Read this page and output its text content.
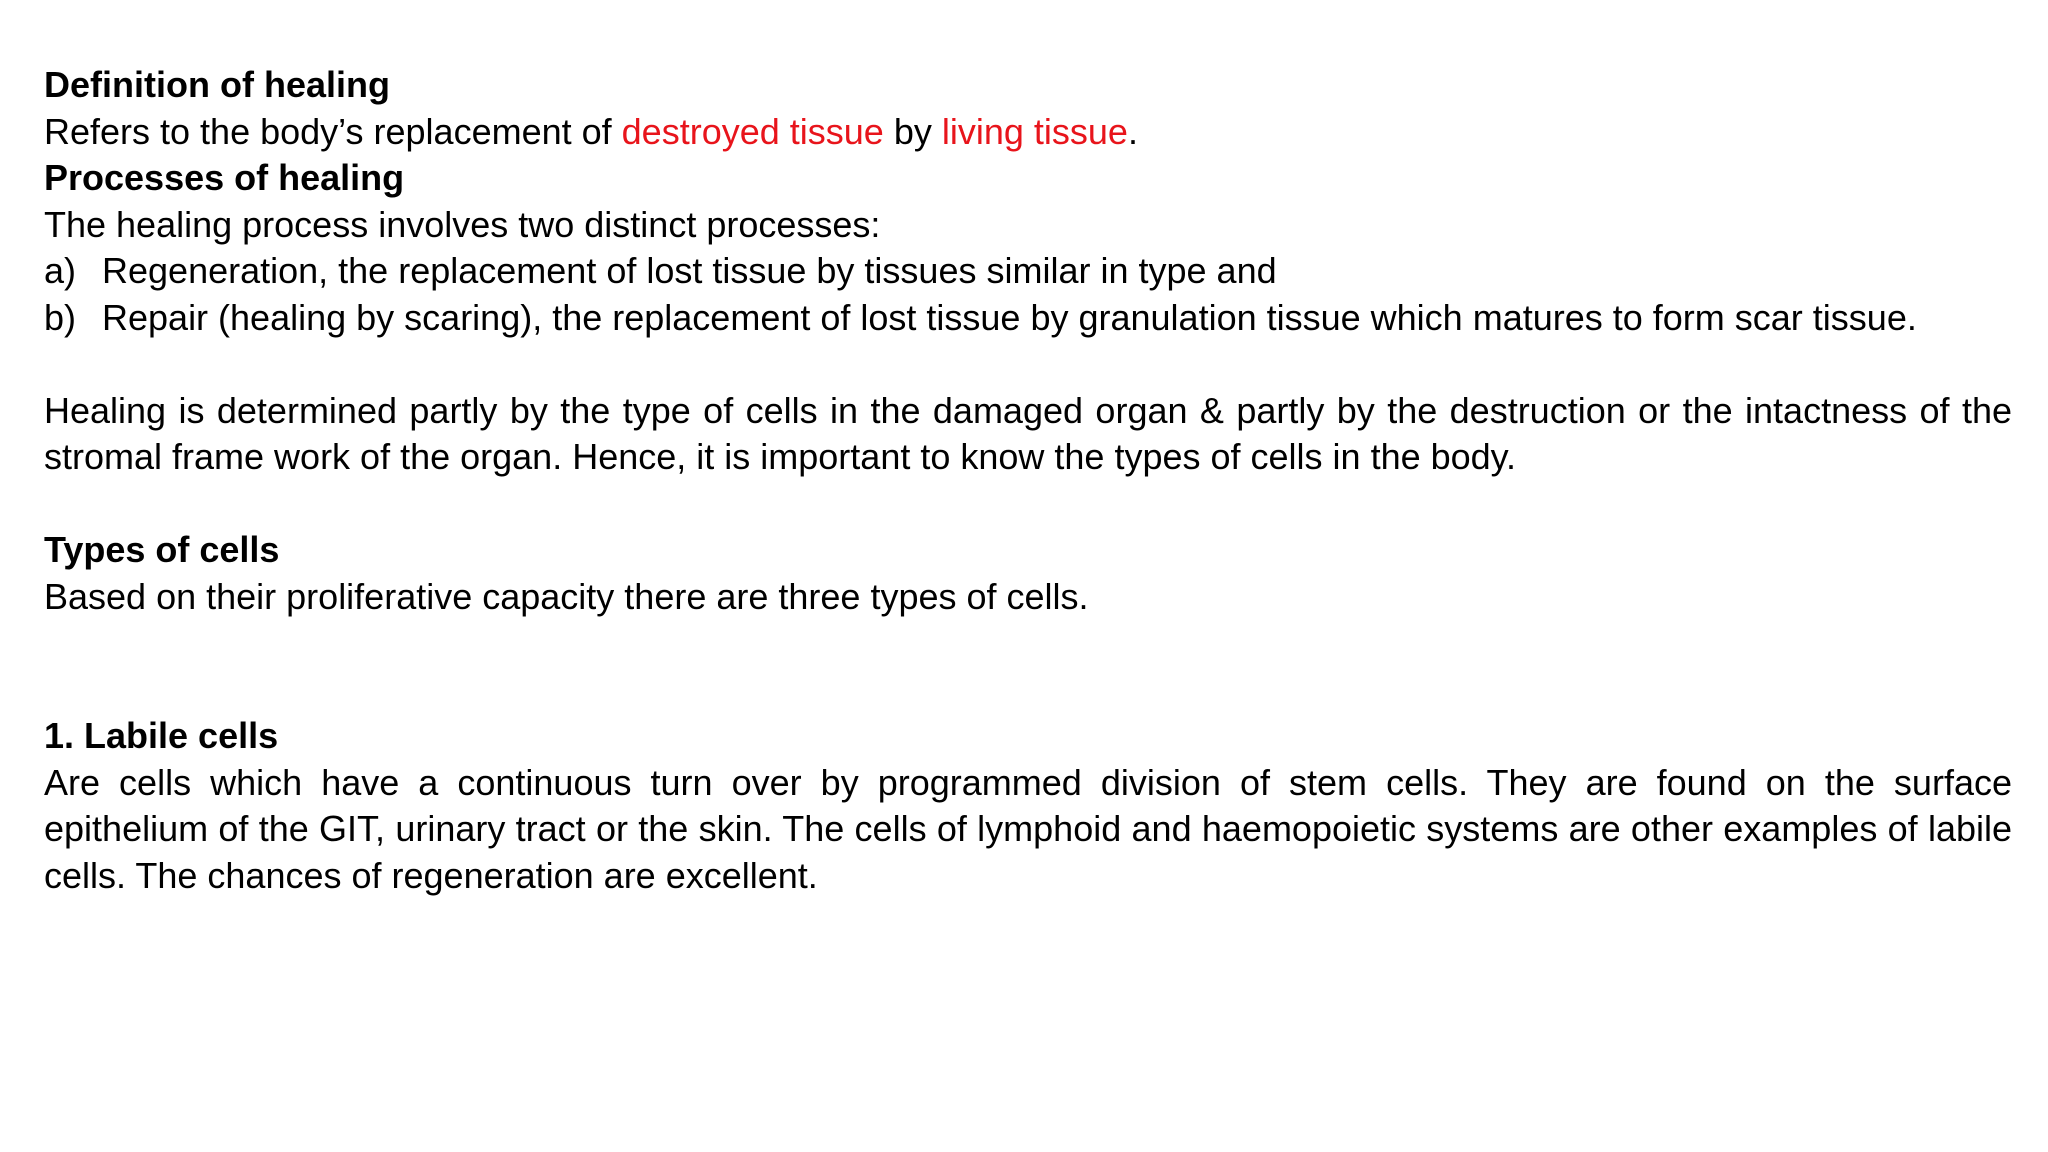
Definition of healing

Refers to the body’s replacement of destroyed tissue by living tissue.

Processes of healing

The healing process involves two distinct processes:

a) Regeneration, the replacement of lost tissue by tissues similar in type and
b) Repair (healing by scaring), the replacement of lost tissue by granulation tissue which matures to form scar tissue.

Healing is determined partly by the type of cells in the damaged organ & partly by the destruction or the intactness of the stromal frame work of the organ. Hence, it is important to know the types of cells in the body.

Types of cells

Based on their proliferative capacity there are three types of cells.

1. Labile cells

Are cells which have a continuous turn over by programmed division of stem cells. They are found on the surface epithelium of the GIT, urinary tract or the skin. The cells of lymphoid and haemopoietic systems are other examples of labile cells. The chances of regeneration are excellent.
